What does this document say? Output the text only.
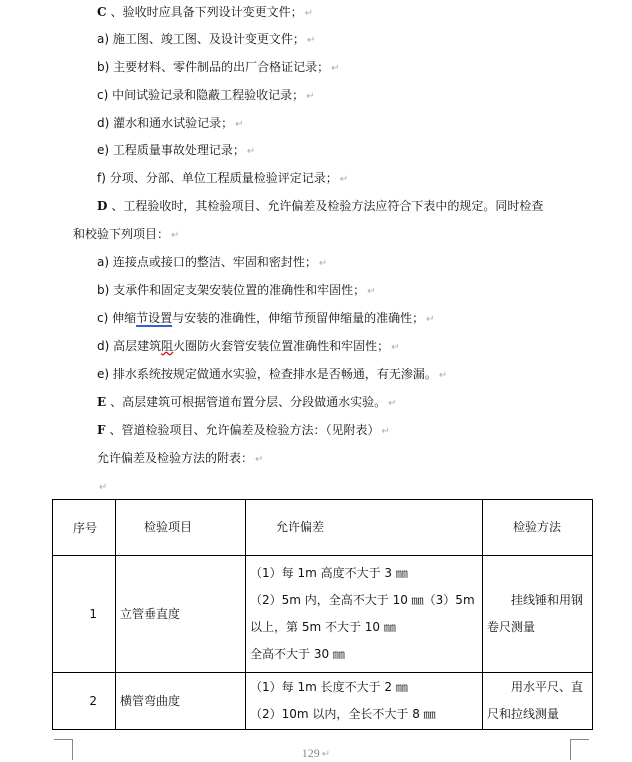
C 、验收时应具备下列设计变更文件； ↵
a) 施工图、竣工图、及设计变更文件； ↵
b) 主要材料、零件制品的出厂合格证记录； ↵
c) 中间试验记录和隐蔽工程验收记录； ↵
d) 灌水和通水试验记录； ↵
e) 工程质量事故处理记录； ↵
f) 分项、分部、单位工程质量检验评定记录； ↵
D 、工程验收时，其检验项目、允许偏差及检验方法应符合下表中的规定。同时检查
和校验下列项目： ↵
a) 连接点或接口的整洁、牢固和密封性； ↵
b) 支承件和固定支架安装位置的准确性和牢固性； ↵
c) 伸缩节设置与安装的准确性，伸缩节预留伸缩量的准确性； ↵
d) 高层建筑阻火圈防火套管安装位置准确性和牢固性； ↵
e) 排水系统按规定做通水实验，检查排水是否畅通，有无渗漏。 ↵
E 、高层建筑可根据管道布置分层、分段做通水实验。 ↵
F 、管道检验项目、允许偏差及检验方法：（见附表） ↵
允许偏差及检验方法的附表： ↵
↵
序号	检验项目	允许偏差	检验方法
1	立管垂直度	（1）每 1m 高度不大于 3 ㎜
（2）5m 内，全高不大于 10 ㎜（3）5m 以上，第 5m 不大于 10 ㎜
全高不大于 30 ㎜	挂线锤和用钢卷尺测量
2	横管弯曲度	（1）每 1m 长度不大于 2 ㎜
（2）10m 以内，全长不大于 8 ㎜	用水平尺、直尺和拉线测量
129 ↵
